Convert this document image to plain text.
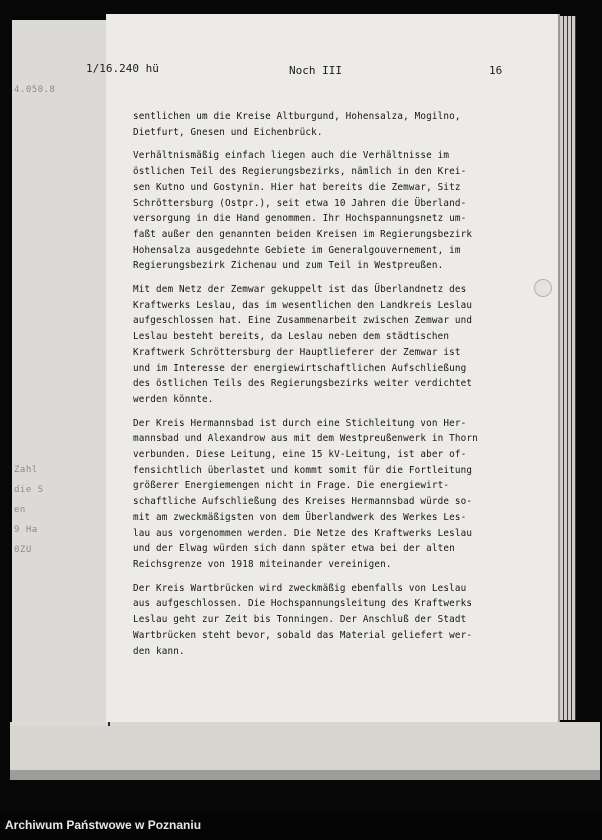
4.050.8
Zahl
die S
en
9 Ha
0ZU
1/16.240 hü	Noch III	16
sentlichen um die Kreise Altburgund, Hohensalza, Mogilno,
Dietfurt, Gnesen und Eichenbrück.
Verhältnismäßig einfach liegen auch die Verhältnisse im
östlichen Teil des Regierungsbezirks, nämlich in den Krei-
sen Kutno und Gostynin. Hier hat bereits die Zemwar, Sitz
Schröttersburg (Ostpr.), seit etwa 10 Jahren die Überland-
versorgung in die Hand genommen. Ihr Hochspannungsnetz um-
faßt außer den genannten beiden Kreisen im Regierungsbezirk
Hohensalza ausgedehnte Gebiete im Generalgouvernement, im
Regierungsbezirk Zichenau und zum Teil in Westpreußen.
Mit dem Netz der Zemwar gekuppelt ist das Überlandnetz des
Kraftwerks Leslau, das im wesentlichen den Landkreis Leslau
aufgeschlossen hat. Eine Zusammenarbeit zwischen Zemwar und
Leslau besteht bereits, da Leslau neben dem städtischen
Kraftwerk Schröttersburg der Hauptlieferer der Zemwar ist
und im Interesse der energiewirtschaftlichen Aufschließung
des östlichen Teils des Regierungsbezirks weiter verdichtet
werden könnte.
Der Kreis Hermannsbad ist durch eine Stichleitung von Her-
mannsbad und Alexandrow aus mit dem Westpreußenwerk in Thorn
verbunden. Diese Leitung, eine 15 kV-Leitung, ist aber of-
fensichtlich überlastet und kommt somit für die Fortleitung
größerer Energiemengen nicht in Frage. Die energiewirt-
schaftliche Aufschließung des Kreises Hermannsbad würde so-
mit am zweckmäßigsten von dem Überlandwerk des Werkes Les-
lau aus vorgenommen werden. Die Netze des Kraftwerks Leslau
und der Elwag würden sich dann später etwa bei der alten
Reichsgrenze von 1918 miteinander vereinigen.
Der Kreis Wartbrücken wird zweckmäßig ebenfalls von Leslau
aus aufgeschlossen. Die Hochspannungsleitung des Kraftwerks
Leslau geht zur Zeit bis Tonningen. Der Anschluß der Stadt
Wartbrücken steht bevor, sobald das Material geliefert wer-
den kann.
Archiwum Państwowe w Poznaniu
